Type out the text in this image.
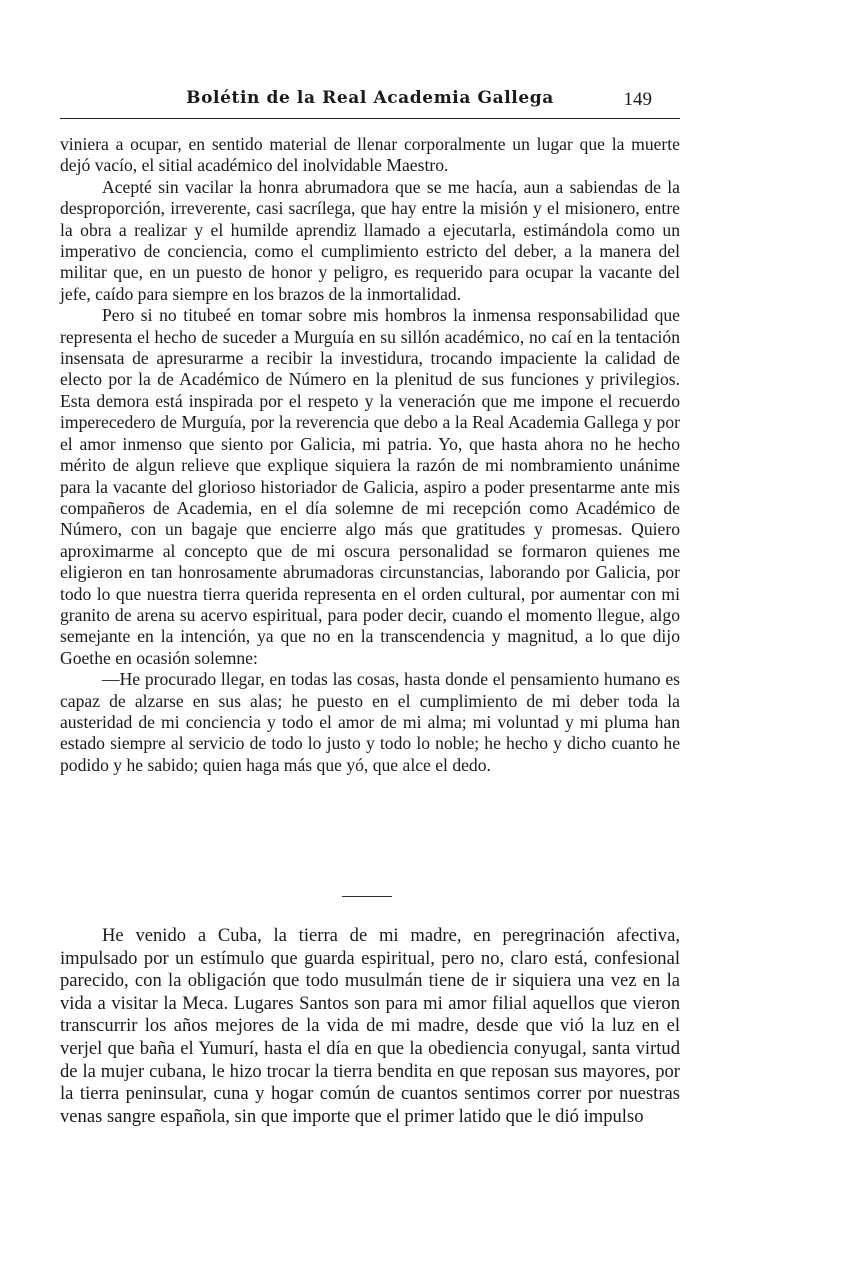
Bolétin de la Real Academia Gallega	149

viniera a ocupar, en sentido material de llenar corporalmente un lugar que la muerte dejó vacío, el sitial académico del inolvidable Maestro.

Acepté sin vacilar la honra abrumadora que se me hacía, aun a sabiendas de la desproporción, irreverente, casi sacrílega, que hay entre la misión y el misionero, entre la obra a realizar y el humilde aprendiz llamado a ejecutarla, estimándola como un imperativo de conciencia, como el cumplimiento estricto del deber, a la manera del militar que, en un puesto de honor y peligro, es requerido para ocupar la vacante del jefe, caído para siempre en los brazos de la inmortalidad.

Pero si no titubeé en tomar sobre mis hombros la inmensa responsabilidad que representa el hecho de suceder a Murguía en su sillón académico, no caí en la tentación insensata de apresurarme a recibir la investidura, trocando impaciente la calidad de electo por la de Académico de Número en la plenitud de sus funciones y privilegios. Esta demora está inspirada por el respeto y la veneración que me impone el recuerdo imperecedero de Murguía, por la reverencia que debo a la Real Academia Gallega y por el amor inmenso que siento por Galicia, mi patria. Yo, que hasta ahora no he hecho mérito de algun relieve que explique siquiera la razón de mi nombramiento unánime para la vacante del glorioso historiador de Galicia, aspiro a poder presentarme ante mis compañeros de Academia, en el día solemne de mi recepción como Académico de Número, con un bagaje que encierre algo más que gratitudes y promesas. Quiero aproximarme al concepto que de mi oscura personalidad se formaron quienes me eligieron en tan honrosamente abrumadoras circunstancias, laborando por Galicia, por todo lo que nuestra tierra querida representa en el orden cultural, por aumentar con mi granito de arena su acervo espiritual, para poder decir, cuando el momento llegue, algo semejante en la intención, ya que no en la transcendencia y magnitud, a lo que dijo Goethe en ocasión solemne:

—He procurado llegar, en todas las cosas, hasta donde el pensamiento humano es capaz de alzarse en sus alas; he puesto en el cumplimiento de mi deber toda la austeridad de mi conciencia y todo el amor de mi alma; mi voluntad y mi pluma han estado siempre al servicio de todo lo justo y todo lo noble; he hecho y dicho cuanto he podido y he sabido; quien haga más que yó, que alce el dedo.

He venido a Cuba, la tierra de mi madre, en peregrinación afectiva, impulsado por un estímulo que guarda espiritual, pero no, claro está, confesional parecido, con la obligación que todo musulmán tiene de ir siquiera una vez en la vida a visitar la Meca. Lugares Santos son para mi amor filial aquellos que vieron transcurrir los años mejores de la vida de mi madre, desde que vió la luz en el verjel que baña el Yumurí, hasta el día en que la obediencia conyugal, santa virtud de la mujer cubana, le hizo trocar la tierra bendita en que reposan sus mayores, por la tierra peninsular, cuna y hogar común de cuantos sentimos correr por nuestras venas sangre española, sin que importe que el primer latido que le dió impulso
